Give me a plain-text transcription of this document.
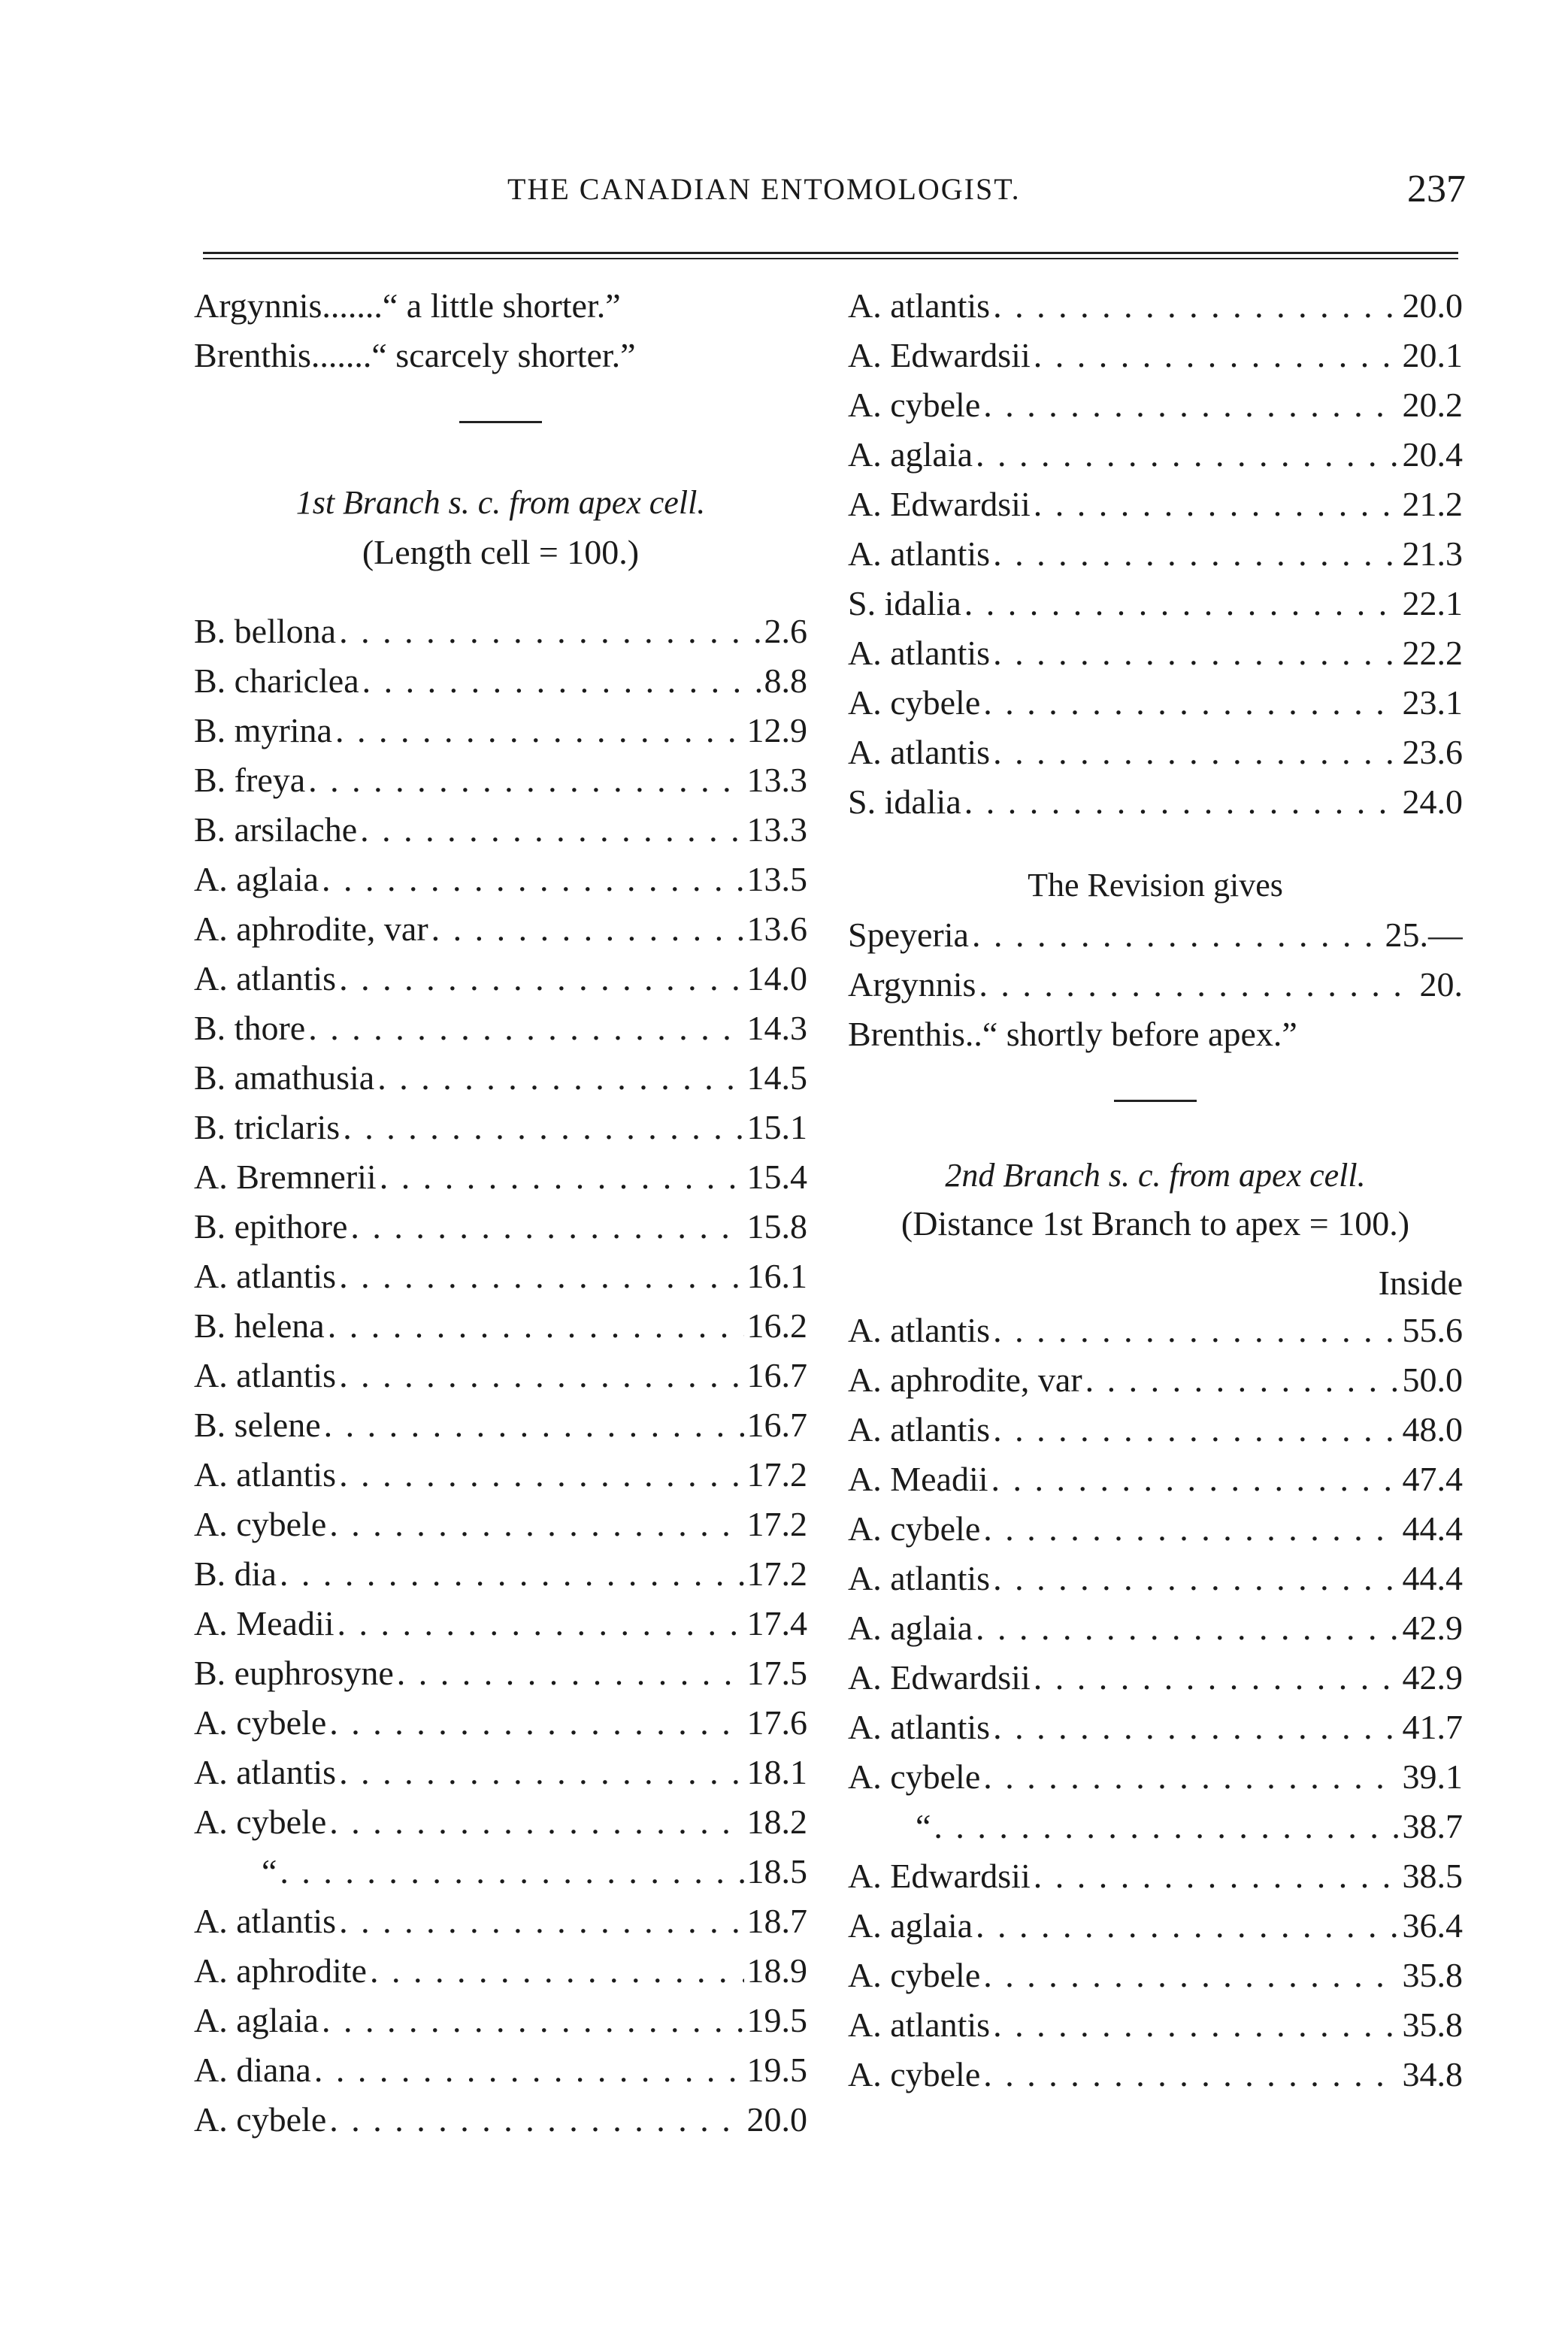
THE CANADIAN ENTOMOLOGIST.	237
Argynnis.......“ a little shorter.”
Brenthis.......“ scarcely shorter.”
1st Branch s. c. from apex cell.
(Length cell = 100.)
B. bellona . . .	2.6
B. chariclea . . .	8.8
B. myrina . . .	12.9
B. freya . . .	13.3
B. arsilache . . .	13.3
A. aglaia . . .	13.5
A. aphrodite, var . . .	13.6
A. atlantis . . .	14.0
B. thore . . .	14.3
B. amathusia . . .	14.5
B. triclaris . . .	15.1
A. Bremnerii . . .	15.4
B. epithore . . .	15.8
A. atlantis . . .	16.1
B. helena . . .	16.2
A. atlantis . . .	16.7
B. selene . . .	16.7
A. atlantis . . .	17.2
A. cybele . . .	17.2
B. dia . . .	17.2
A. Meadii . . .	17.4
B. euphrosyne . . .	17.5
A. cybele . . .	17.6
A. atlantis . . .	18.1
A. cybele . . .	18.2
“ . . .	18.5
A. atlantis . . .	18.7
A. aphrodite . . .	18.9
A. aglaia . . .	19.5
A. diana . . .	19.5
A. cybele . . .	20.0
A. atlantis . . .	20.0
A. Edwardsii . . .	20.1
A. cybele . . .	20.2
A. aglaia . . .	20.4
A. Edwardsii . . .	21.2
A. atlantis . . .	21.3
S. idalia . . .	22.1
A. atlantis . . .	22.2
A. cybele . . .	23.1
A. atlantis . . .	23.6
S. idalia . . .	24.0
The Revision gives
Speyeria . . .	25.—
Argynnis . . .	20.
Brenthis..“ shortly before apex.”
2nd Branch s. c. from apex cell.
(Distance 1st Branch to apex = 100.)
Inside
A. atlantis . . .	55.6
A. aphrodite, var . . .	50.0
A. atlantis . . .	48.0
A. Meadii . . .	47.4
A. cybele . . .	44.4
A. atlantis . . .	44.4
A. aglaia . . .	42.9
A. Edwardsii . . .	42.9
A. atlantis . . .	41.7
A. cybele . . .	39.1
“ . . .	38.7
A. Edwardsii . . .	38.5
A. aglaia . . .	36.4
A. cybele . . .	35.8
A. atlantis . . .	35.8
A. cybele . . .	34.8
